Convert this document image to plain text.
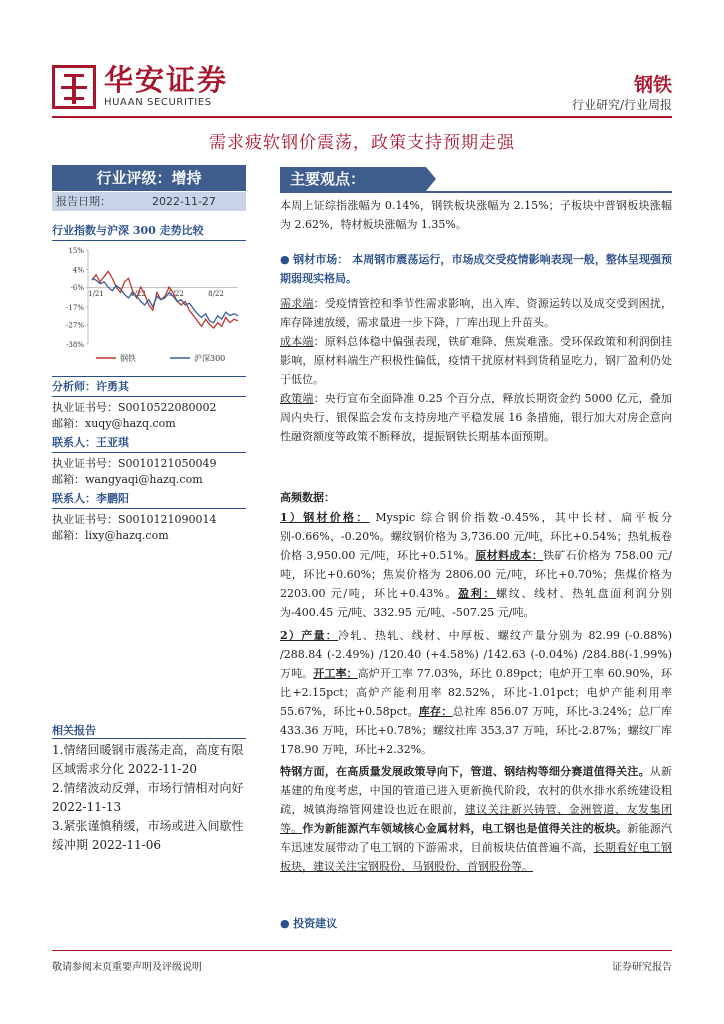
华安证券
HUAAN SECURITIES
钢铁
行业研究/行业周报
需求疲软钢价震荡，政策支持预期走强
行业评级：增持
报告日期：	2022-11-27
行业指数与沪深 300 走势比较
15%
4%
-6%
-17%
-27%
-38%
1/21	4/22	5/22	8/22
钢铁	沪深300
分析师：许勇其
执业证书号：S0010522080002
邮箱：xuqy@hazq.com
联系人：王亚琪
执业证书号：S0010121050049
邮箱：wangyaqi@hazq.com
联系人：李鹏阳
执业证书号：S0010121090014
邮箱：lixy@hazq.com
相关报告
1.情绪回暖钢市震荡走高，高度有限区域需求分化 2022-11-20
2.情绪波动反弹，市场行情相对向好 2022-11-13
3.紧张谨慎稍缓，市场或进入间歇性绥冲期 2022-11-06
主要观点：
本周上证综指涨幅为 0.14%，钢铁板块涨幅为 2.15%；子板块中普钢板块涨幅为 2.62%，特材板块涨幅为 1.35%。
● 钢材市场： 本周钢市震荡运行，市场成交受疫情影响表现一般，整体呈现强预期弱现实格局。
需求端：受疫情管控和季节性需求影响，出入库、资源运转以及成交受到困扰，库存降速放缓，需求量进一步下降，厂库出现上升苗头。
成本端：原料总体稳中偏强表现，铁矿难降、焦炭难涨。受环保政策和利润倒挂影响，原材料端生产积极性偏低，疫情干扰原材料到货稍显吃力，钢厂盈利仍处于低位。
政策端：央行宣布全面降准 0.25 个百分点，释放长期资金约 5000 亿元，叠加周内央行、银保监会发布支持房地产平稳发展 16 条措施，银行加大对房企意向性融资额度等政策不断释放，提振钢铁长期基本面预期。
高频数据：
1）钢材价格： Myspic 综合钢价指数-0.45%，其中长材、扁平板分别-0.66%、-0.20%。螺纹钢价格为 3,736.00 元/吨，环比+0.54%；热轧板卷价格 3,950.00 元/吨，环比+0.51%。原材料成本：铁矿石价格为 758.00 元/吨，环比+0.60%；焦炭价格为 2806.00 元/吨，环比+0.70%；焦煤价格为 2203.00 元/吨，环比+0.43%。盈利：螺纹、线材、热轧盘面利润分别为-400.45 元/吨、332.95 元/吨、-507.25 元/吨。
2）产量：冷轧、热轧、线材、中厚板、螺纹产量分别为 82.99 (-0.88%) /288.84 (-2.49%) /120.40 (+4.58%) /142.63 (-0.04%) /284.88(-1.99%)万吨。开工率：高炉开工率 77.03%，环比 0.89pct；电炉开工率 60.90%，环比+2.15pct；高炉产能利用率 82.52%，环比-1.01pct；电炉产能利用率 55.67%，环比+0.58pct。库存：总社库 856.07 万吨，环比-3.24%；总厂库 433.36 万吨，环比+0.78%；螺纹社库 353.37 万吨，环比-2.87%；螺纹厂库 178.90 万吨，环比+2.32%。
特钢方面，在高质量发展政策导向下，管道、钢结构等细分赛道值得关注。从新基建的角度考虑，中国的管道已进入更新换代阶段，农村的供水排水系统建设粗疏，城镇海绵管网建设也近在眼前，建议关注新兴铸管、金洲管道、友发集团等。作为新能源汽车领域核心金属材料，电工钢也是值得关注的板块。新能源汽车迅速发展带动了电工钢的下游需求，目前板块估值普遍不高，长期看好电工钢板块，建议关注宝钢股份、马钢股份、首钢股份等。
● 投资建议
敬请参阅末页重要声明及评级说明	证券研究报告
